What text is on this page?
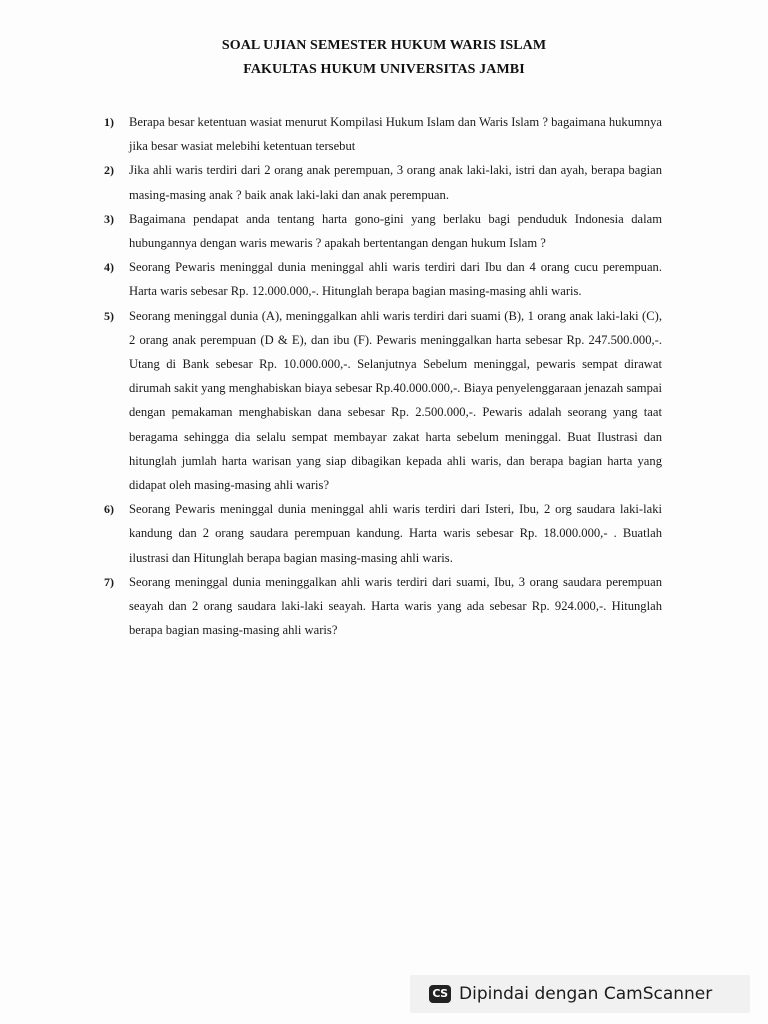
SOAL UJIAN SEMESTER HUKUM WARIS ISLAM
FAKULTAS HUKUM UNIVERSITAS JAMBI
1) Berapa besar ketentuan wasiat menurut Kompilasi Hukum Islam dan Waris Islam ? bagaimana hukumnya jika besar wasiat melebihi ketentuan tersebut
2) Jika ahli waris terdiri dari 2 orang anak perempuan, 3 orang anak laki-laki, istri dan ayah, berapa bagian masing-masing anak ? baik anak laki-laki dan anak perempuan.
3) Bagaimana pendapat anda tentang harta gono-gini yang berlaku bagi penduduk Indonesia dalam hubungannya dengan waris mewaris ? apakah bertentangan dengan hukum Islam ?
4) Seorang Pewaris meninggal dunia meninggal ahli waris terdiri dari Ibu dan 4 orang cucu perempuan. Harta waris sebesar Rp. 12.000.000,-. Hitunglah berapa bagian masing-masing ahli waris.
5) Seorang meninggal dunia (A), meninggalkan ahli waris terdiri dari suami (B), 1 orang anak laki-laki (C), 2 orang anak perempuan (D & E), dan ibu (F). Pewaris meninggalkan harta sebesar Rp. 247.500.000,-. Utang di Bank sebesar Rp. 10.000.000,-. Selanjutnya Sebelum meninggal, pewaris sempat dirawat dirumah sakit yang menghabiskan biaya sebesar Rp.40.000.000,-. Biaya penyelenggaraan jenazah sampai dengan pemakaman menghabiskan dana sebesar Rp. 2.500.000,-. Pewaris adalah seorang yang taat beragama sehingga dia selalu sempat membayar zakat harta sebelum meninggal. Buat Ilustrasi dan hitunglah jumlah harta warisan yang siap dibagikan kepada ahli waris, dan berapa bagian harta yang didapat oleh masing-masing ahli waris?
6) Seorang Pewaris meninggal dunia meninggal ahli waris terdiri dari Isteri, Ibu, 2 org saudara laki-laki kandung dan 2 orang saudara perempuan kandung. Harta waris sebesar Rp. 18.000.000,- . Buatlah ilustrasi dan Hitunglah berapa bagian masing-masing ahli waris.
7) Seorang meninggal dunia meninggalkan ahli waris terdiri dari suami, Ibu, 3 orang saudara perempuan seayah dan 2 orang saudara laki-laki seayah. Harta waris yang ada sebesar Rp. 924.000,-. Hitunglah berapa bagian masing-masing ahli waris?
CS Dipindai dengan CamScanner
